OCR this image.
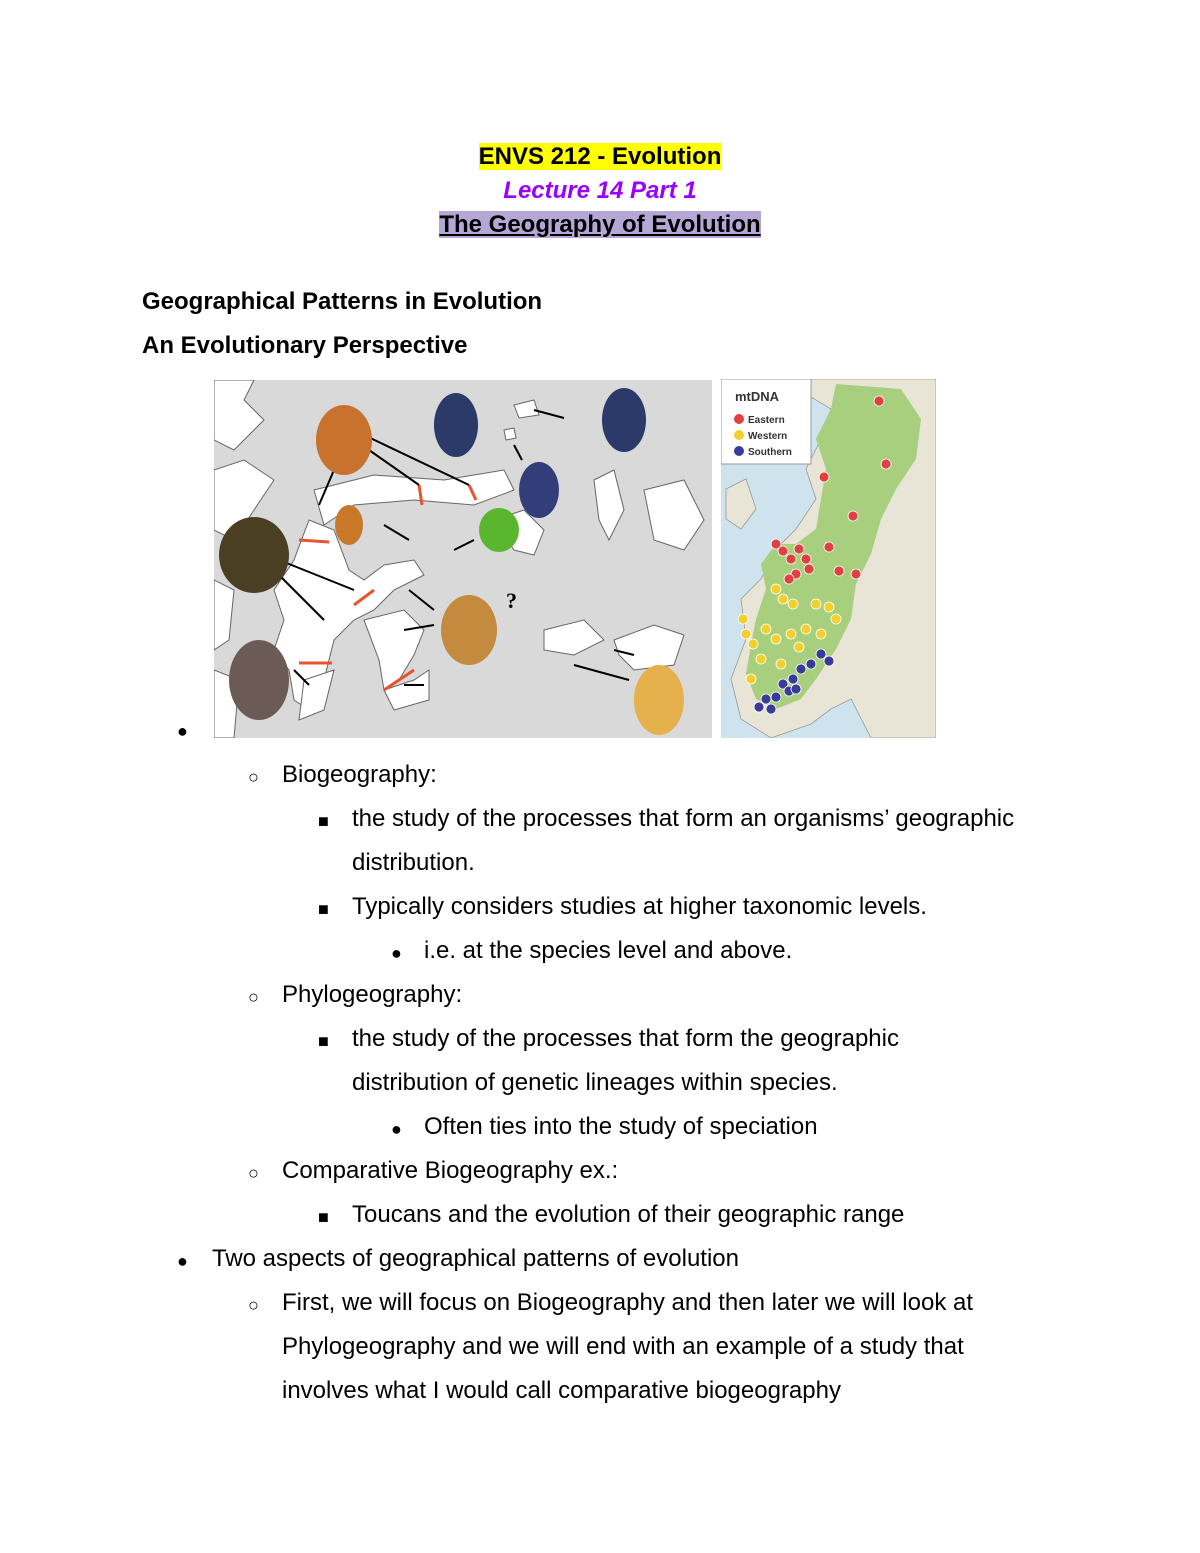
ENVS 212 - Evolution
Lecture 14 Part 1
The Geography of Evolution
Geographical Patterns in Evolution
An Evolutionary Perspective
?
mtDNA
Eastern
Western
Southern
●
○ Biogeography:
■ the study of the processes that form an organisms’ geographic
distribution.
■ Typically considers studies at higher taxonomic levels.
● i.e. at the species level and above.
○ Phylogeography:
■ the study of the processes that form the geographic
distribution of genetic lineages within species.
● Often ties into the study of speciation
○ Comparative Biogeography ex.:
■ Toucans and the evolution of their geographic range
● Two aspects of geographical patterns of evolution
○ First, we will focus on Biogeography and then later we will look at
Phylogeography and we will end with an example of a study that
involves what I would call comparative biogeography
